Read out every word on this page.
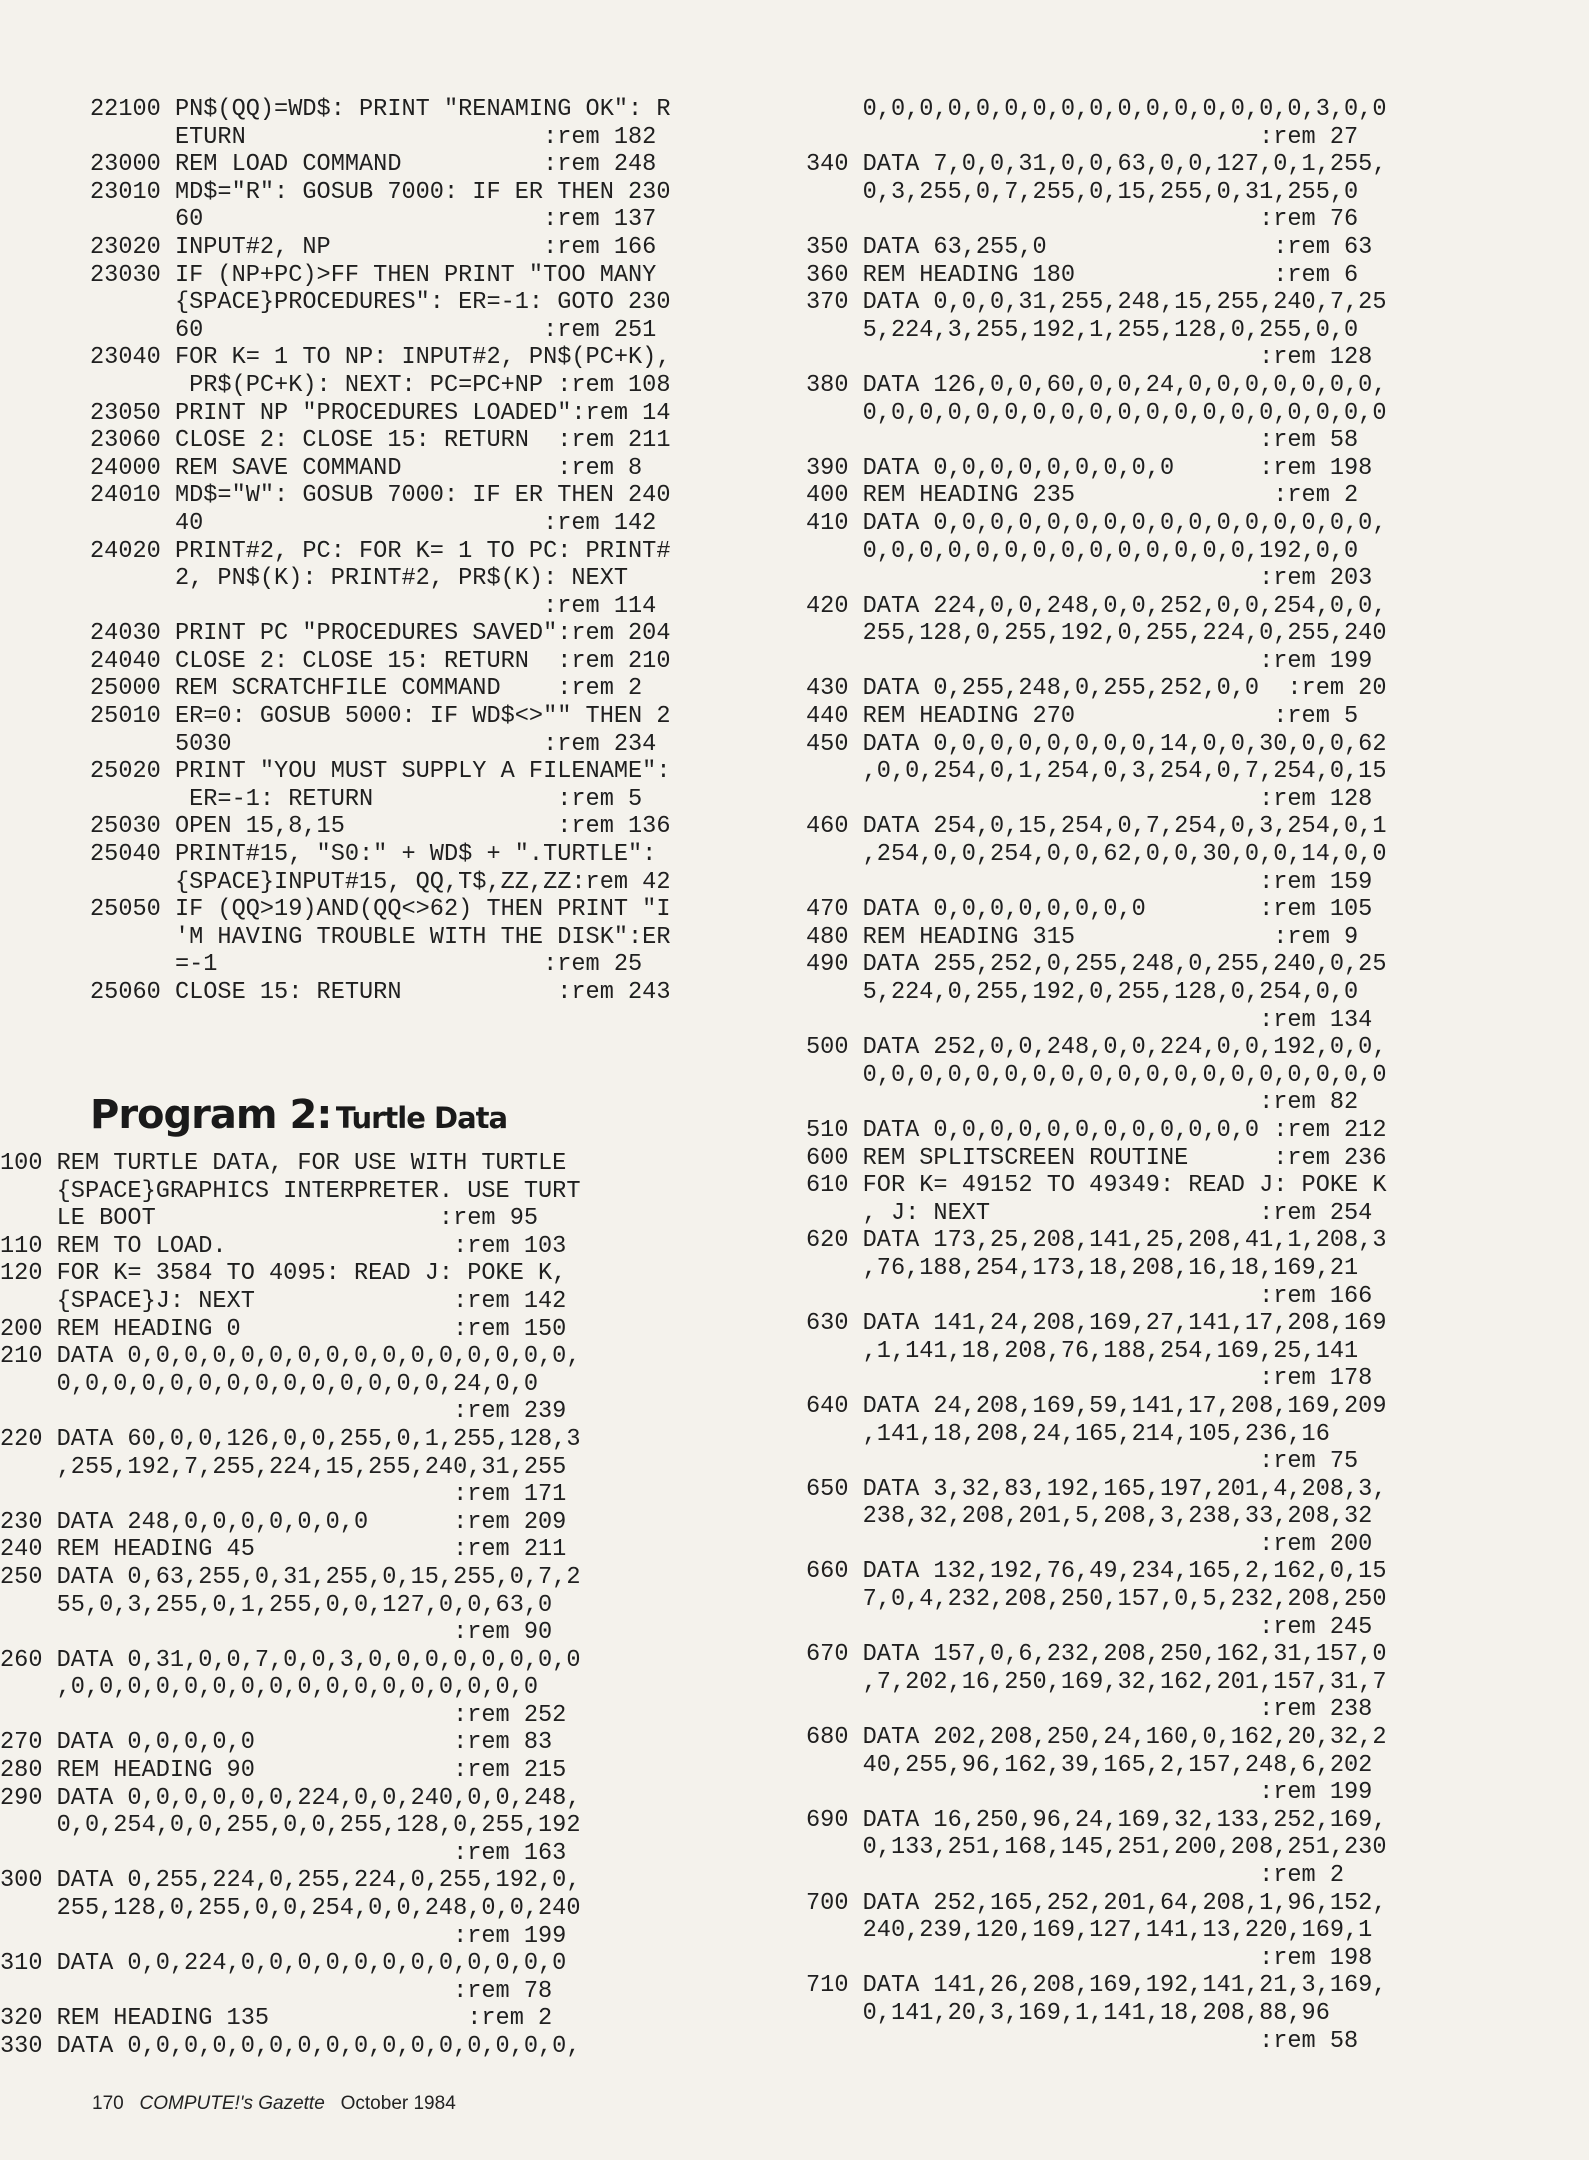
22100 PN$(QQ)=WD$: PRINT "RENAMING OK": R
ETURN                     :rem 182
23000 REM LOAD COMMAND          :rem 248
23010 MD$="R": GOSUB 7000: IF ER THEN 230
60                        :rem 137
23020 INPUT#2, NP               :rem 166
23030 IF (NP+PC)>FF THEN PRINT "TOO MANY
{SPACE}PROCEDURES": ER=-1: GOTO 230
60                        :rem 251
23040 FOR K= 1 TO NP: INPUT#2, PN$(PC+K),
PR$(PC+K): NEXT: PC=PC+NP :rem 108
23050 PRINT NP "PROCEDURES LOADED":rem 14
23060 CLOSE 2: CLOSE 15: RETURN  :rem 211
24000 REM SAVE COMMAND           :rem 8
24010 MD$="W": GOSUB 7000: IF ER THEN 240
40                        :rem 142
24020 PRINT#2, PC: FOR K= 1 TO PC: PRINT#
2, PN$(K): PRINT#2, PR$(K): NEXT
:rem 114
24030 PRINT PC "PROCEDURES SAVED":rem 204
24040 CLOSE 2: CLOSE 15: RETURN  :rem 210
25000 REM SCRATCHFILE COMMAND    :rem 2
25010 ER=0: GOSUB 5000: IF WD$<>"" THEN 2
5030                      :rem 234
25020 PRINT "YOU MUST SUPPLY A FILENAME":
ER=-1: RETURN             :rem 5
25030 OPEN 15,8,15               :rem 136
25040 PRINT#15, "S0:" + WD$ + ".TURTLE":
{SPACE}INPUT#15, QQ,T$,ZZ,ZZ:rem 42
25050 IF (QQ>19)AND(QQ<>62) THEN PRINT "I
'M HAVING TROUBLE WITH THE DISK":ER
=-1                       :rem 25
25060 CLOSE 15: RETURN           :rem 243
Program 2: Turtle Data
100 REM TURTLE DATA, FOR USE WITH TURTLE
{SPACE}GRAPHICS INTERPRETER. USE TURT
LE BOOT                    :rem 95
110 REM TO LOAD.                :rem 103
120 FOR K= 3584 TO 4095: READ J: POKE K,
{SPACE}J: NEXT              :rem 142
200 REM HEADING 0               :rem 150
210 DATA 0,0,0,0,0,0,0,0,0,0,0,0,0,0,0,0,
0,0,0,0,0,0,0,0,0,0,0,0,0,0,24,0,0
:rem 239
220 DATA 60,0,0,126,0,0,255,0,1,255,128,3
,255,192,7,255,224,15,255,240,31,255
:rem 171
230 DATA 248,0,0,0,0,0,0,0      :rem 209
240 REM HEADING 45              :rem 211
250 DATA 0,63,255,0,31,255,0,15,255,0,7,2
55,0,3,255,0,1,255,0,0,127,0,0,63,0
:rem 90
260 DATA 0,31,0,0,7,0,0,3,0,0,0,0,0,0,0,0
,0,0,0,0,0,0,0,0,0,0,0,0,0,0,0,0,0
:rem 252
270 DATA 0,0,0,0,0              :rem 83
280 REM HEADING 90              :rem 215
290 DATA 0,0,0,0,0,0,224,0,0,240,0,0,248,
0,0,254,0,0,255,0,0,255,128,0,255,192
:rem 163
300 DATA 0,255,224,0,255,224,0,255,192,0,
255,128,0,255,0,0,254,0,0,248,0,0,240
:rem 199
310 DATA 0,0,224,0,0,0,0,0,0,0,0,0,0,0,0
:rem 78
320 REM HEADING 135              :rem 2
330 DATA 0,0,0,0,0,0,0,0,0,0,0,0,0,0,0,0,
0,0,0,0,0,0,0,0,0,0,0,0,0,0,0,0,3,0,0
:rem 27
340 DATA 7,0,0,31,0,0,63,0,0,127,0,1,255,
0,3,255,0,7,255,0,15,255,0,31,255,0
:rem 76
350 DATA 63,255,0                :rem 63
360 REM HEADING 180              :rem 6
370 DATA 0,0,0,31,255,248,15,255,240,7,25
5,224,3,255,192,1,255,128,0,255,0,0
:rem 128
380 DATA 126,0,0,60,0,0,24,0,0,0,0,0,0,0,
0,0,0,0,0,0,0,0,0,0,0,0,0,0,0,0,0,0,0
:rem 58
390 DATA 0,0,0,0,0,0,0,0,0      :rem 198
400 REM HEADING 235              :rem 2
410 DATA 0,0,0,0,0,0,0,0,0,0,0,0,0,0,0,0,
0,0,0,0,0,0,0,0,0,0,0,0,0,0,192,0,0
:rem 203
420 DATA 224,0,0,248,0,0,252,0,0,254,0,0,
255,128,0,255,192,0,255,224,0,255,240
:rem 199
430 DATA 0,255,248,0,255,252,0,0  :rem 20
440 REM HEADING 270              :rem 5
450 DATA 0,0,0,0,0,0,0,0,14,0,0,30,0,0,62
,0,0,254,0,1,254,0,3,254,0,7,254,0,15
:rem 128
460 DATA 254,0,15,254,0,7,254,0,3,254,0,1
,254,0,0,254,0,0,62,0,0,30,0,0,14,0,0
:rem 159
470 DATA 0,0,0,0,0,0,0,0        :rem 105
480 REM HEADING 315              :rem 9
490 DATA 255,252,0,255,248,0,255,240,0,25
5,224,0,255,192,0,255,128,0,254,0,0
:rem 134
500 DATA 252,0,0,248,0,0,224,0,0,192,0,0,
0,0,0,0,0,0,0,0,0,0,0,0,0,0,0,0,0,0,0
:rem 82
510 DATA 0,0,0,0,0,0,0,0,0,0,0,0 :rem 212
600 REM SPLITSCREEN ROUTINE      :rem 236
610 FOR K= 49152 TO 49349: READ J: POKE K
, J: NEXT                   :rem 254
620 DATA 173,25,208,141,25,208,41,1,208,3
,76,188,254,173,18,208,16,18,169,21
:rem 166
630 DATA 141,24,208,169,27,141,17,208,169
,1,141,18,208,76,188,254,169,25,141
:rem 178
640 DATA 24,208,169,59,141,17,208,169,209
,141,18,208,24,165,214,105,236,16
:rem 75
650 DATA 3,32,83,192,165,197,201,4,208,3,
238,32,208,201,5,208,3,238,33,208,32
:rem 200
660 DATA 132,192,76,49,234,165,2,162,0,15
7,0,4,232,208,250,157,0,5,232,208,250
:rem 245
670 DATA 157,0,6,232,208,250,162,31,157,0
,7,202,16,250,169,32,162,201,157,31,7
:rem 238
680 DATA 202,208,250,24,160,0,162,20,32,2
40,255,96,162,39,165,2,157,248,6,202
:rem 199
690 DATA 16,250,96,24,169,32,133,252,169,
0,133,251,168,145,251,200,208,251,230
:rem 2
700 DATA 252,165,252,201,64,208,1,96,152,
240,239,120,169,127,141,13,220,169,1
:rem 198
710 DATA 141,26,208,169,192,141,21,3,169,
0,141,20,3,169,1,141,18,208,88,96
:rem 58
170 COMPUTE!'s Gazette October 1984
